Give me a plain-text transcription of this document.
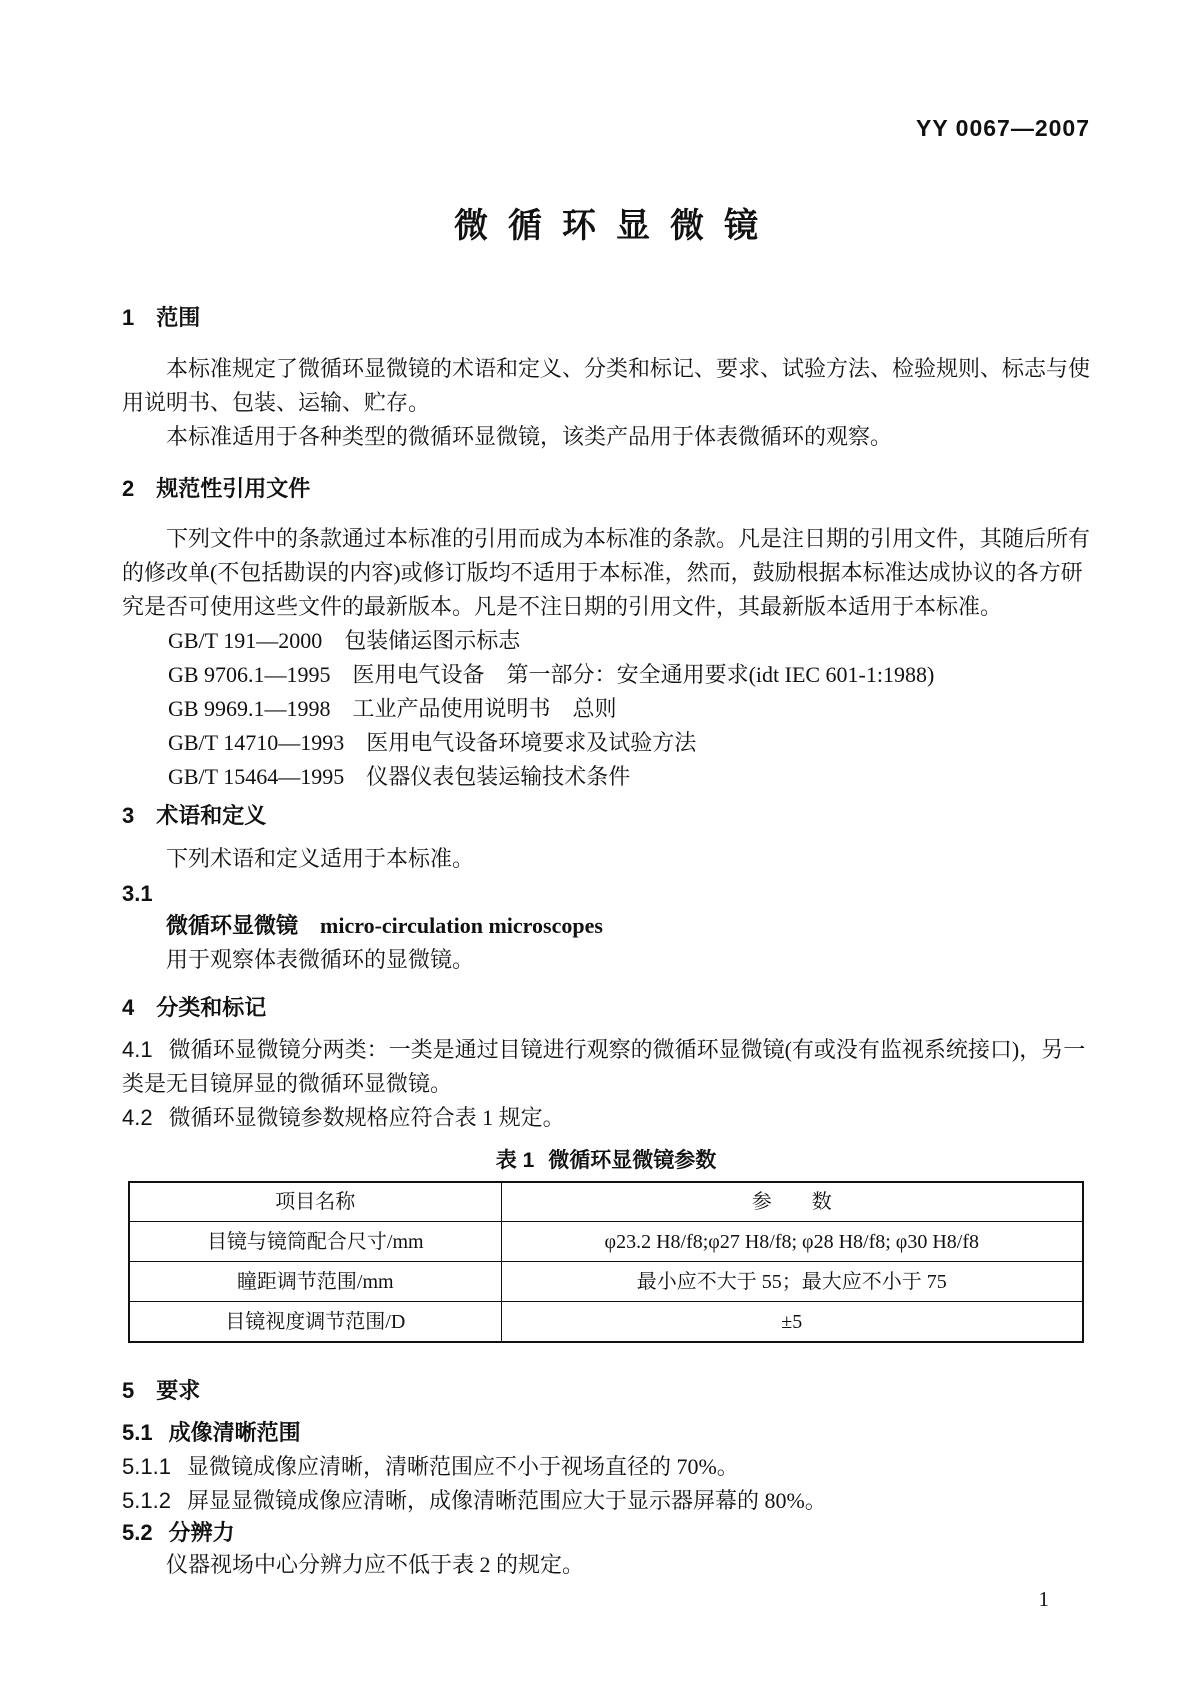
YY 0067—2007
微循环显微镜
1 范围

本标准规定了微循环显微镜的术语和定义、分类和标记、要求、试验方法、检验规则、标志与使用说明书、包装、运输、贮存。

本标准适用于各种类型的微循环显微镜，该类产品用于体表微循环的观察。

2 规范性引用文件

下列文件中的条款通过本标准的引用而成为本标准的条款。凡是注日期的引用文件，其随后所有的修改单(不包括勘误的内容)或修订版均不适用于本标准，然而，鼓励根据本标准达成协议的各方研究是否可使用这些文件的最新版本。凡是不注日期的引用文件，其最新版本适用于本标准。

GB/T 191—2000　包装储运图示标志
GB 9706.1—1995　医用电气设备　第一部分：安全通用要求(idt IEC 601-1:1988)
GB 9969.1—1998　工业产品使用说明书　总则
GB/T 14710—1993　医用电气设备环境要求及试验方法
GB/T 15464—1995　仪器仪表包装运输技术条件
3 术语和定义

下列术语和定义适用于本标准。

3.1

微循环显微镜 micro-circulation microscopes

用于观察体表微循环的显微镜。

4 分类和标记

4.1 微循环显微镜分两类：一类是通过目镜进行观察的微循环显微镜(有或没有监视系统接口)，另一类是无目镜屏显的微循环显微镜。

4.2 微循环显微镜参数规格应符合表 1 规定。

表 1 微循环显微镜参数
项目名称	参　　数
目镜与镜筒配合尺寸/mm	φ23.2 H8/f8;φ27 H8/f8; φ28 H8/f8; φ30 H8/f8
瞳距调节范围/mm	最小应不大于 55；最大应不小于 75
目镜视度调节范围/D	±5
5 要求

5.1 成像清晰范围

5.1.1 显微镜成像应清晰，清晰范围应不小于视场直径的 70%。

5.1.2 屏显显微镜成像应清晰，成像清晰范围应大于显示器屏幕的 80%。

5.2 分辨力

仪器视场中心分辨力应不低于表 2 的规定。

1
